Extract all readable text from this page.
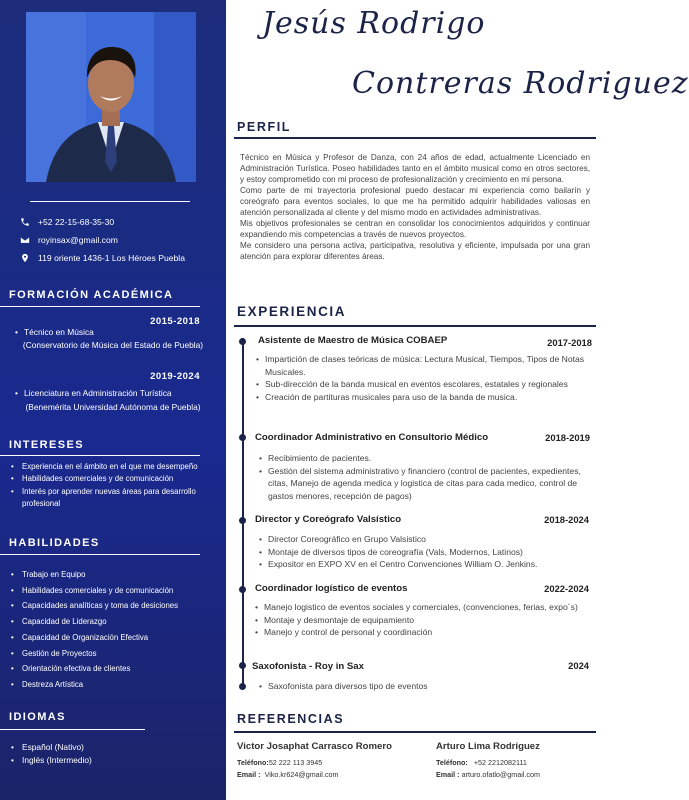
+52 22-15-68-35-30
royinsax@gmail.com
119 oriente 1436-1 Los Héroes Puebla
FORMACIÓN ACADÉMICA
2015-2018
• Técnico en Música
(Conservatorio de Música del Estado de Puebla)
2019-2024
• Licenciatura en Administración Turística
(Benemérita Universidad Autónoma de Puebla)
INTERESES
• Experiencia en el ámbito en el que me desempeño
• Habilidades comerciales y de comunicación
• Interés por aprender nuevas áreas para desarrollo profesional
HABILIDADES
• Trabajo en Equipo
• Habilidades comerciales y de comunicación
• Capacidades analíticas y toma de desiciones
• Capacidad de Liderazgo
• Capacidad de Organización Efectiva
• Gestión de Proyectos
• Orientación efectiva de clientes
• Destreza Artística
IDIOMAS
• Español (Nativo)
• Inglés (Intermedio)
Jesús Rodrigo
Contreras Rodriguez
PERFIL

Técnico en Música y Profesor de Danza, con 24 años de edad, actualmente Licenciado en Administración Turística. Poseo habilidades tanto en el ámbito musical como en otros sectores, y estoy comprometido con mi proceso de profesionalización y crecimiento en mi persona.

Como parte de mi trayectoria profesional puedo destacar mi experiencia como bailarín y coreógrafo para eventos sociales, lo que me ha permitido adquirir habilidades valiosas en atención personalizada al cliente y del mismo modo en actividades administrativas.

Mis objetivos profesionales se centran en consolidar los conocimientos adquiridos y continuar expandiendo mis competencias a través de nuevos proyectos.

Me considero una persona activa, participativa, resolutiva y eficiente, impulsada por una gran atención para explorar diferentes áreas.

EXPERIENCIA
Asistente de Maestro de Música COBAEP	2017-2018
• Impartición de clases teóricas de música: Lectura Musical, Tiempos, Tipos de Notas Musicales.
• Sub-dirección de la banda musical en eventos escolares, estatales y regionales
• Creación de partituras musicales para uso de la banda de musica.
Coordinador Administrativo en Consultorio Médico	2018-2019
• Recibimiento de pacientes.
• Gestión del sistema administrativo y financiero (control de pacientes, expedientes, citas, Manejo de agenda medica y logistica de citas para cada medico, control de gastos menores, recepción de pagos)
Director y Coreógrafo Valsístico	2018-2024
• Director Coreográfico en Grupo Valsistico
• Montaje de diversos tipos de coreografía (Vals, Modernos, Latinos)
• Expositor en EXPO XV en el Centro Convenciones William O. Jenkins.
Coordinador logístico de eventos	2022-2024
• Manejo logistico de eventos sociales y comerciales, (convenciones, ferias, expo´s)
• Montaje y desmontaje de equipamiento
• Manejo y control de personal y coordinación
Saxofonista - Roy in Sax	2024
• Saxofonista para diversos tipo de eventos
REFERENCIAS
Victor Josaphat Carrasco Romero
Teléfono:52 222 113 3945
Email : Viko.kr624@gmail.com
Arturo Lima Rodríguez
Teléfono: +52 2212082111
Email : arturo.ofatlo@gmail.com
